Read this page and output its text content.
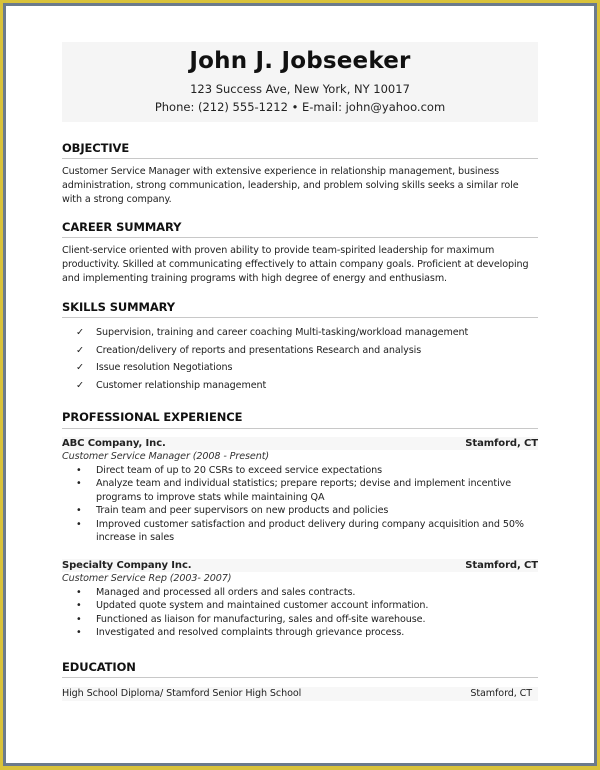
John J. Jobseeker
123 Success Ave, New York, NY 10017
Phone: (212) 555-1212 • E-mail: john@yahoo.com
OBJECTIVE
Customer Service Manager with extensive experience in relationship management, business administration, strong communication, leadership, and problem solving skills seeks a similar role with a strong company.
CAREER SUMMARY
Client-service oriented with proven ability to provide team-spirited leadership for maximum productivity. Skilled at communicating effectively to attain company goals. Proficient at developing and implementing training programs with high degree of energy and enthusiasm.
SKILLS SUMMARY
✓ Supervision, training and career coaching Multi-tasking/workload management
✓ Creation/delivery of reports and presentations Research and analysis
✓ Issue resolution Negotiations
✓ Customer relationship management
PROFESSIONAL EXPERIENCE
ABC Company, Inc.	Stamford, CT
Customer Service Manager (2008 - Present)
• Direct team of up to 20 CSRs to exceed service expectations
• Analyze team and individual statistics; prepare reports; devise and implement incentive programs to improve stats while maintaining QA
• Train team and peer supervisors on new products and policies
• Improved customer satisfaction and product delivery during company acquisition and 50% increase in sales
Specialty Company Inc.	Stamford, CT
Customer Service Rep (2003- 2007)
• Managed and processed all orders and sales contracts.
• Updated quote system and maintained customer account information.
• Functioned as liaison for manufacturing, sales and off-site warehouse.
• Investigated and resolved complaints through grievance process.
EDUCATION
High School Diploma/ Stamford Senior High School	Stamford, CT
